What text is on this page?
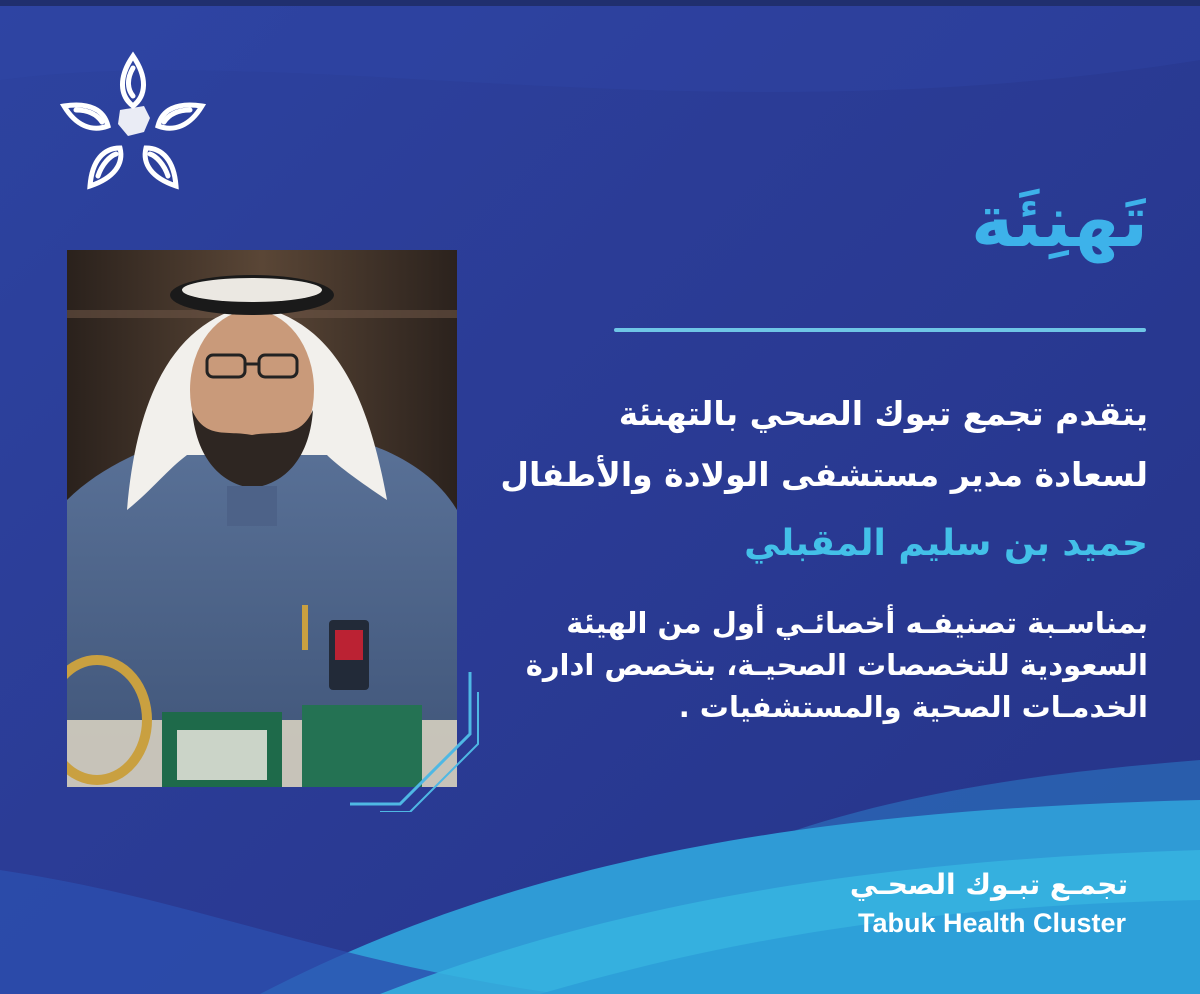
تَهنِئَة
يتقدم تجمع تبوك الصحي بالتهنئة
لسعادة مدير مستشفى الولادة والأطفال
حميد بن سليم المقبلي
بمناسـبة تصنيفـه أخصائـي أول من الهيئة السعودية للتخصصات الصحيـة، بتخصص ادارة الخدمـات الصحية والمستشفيات .
تجمـع تبـوك الصحـي
Tabuk Health Cluster
